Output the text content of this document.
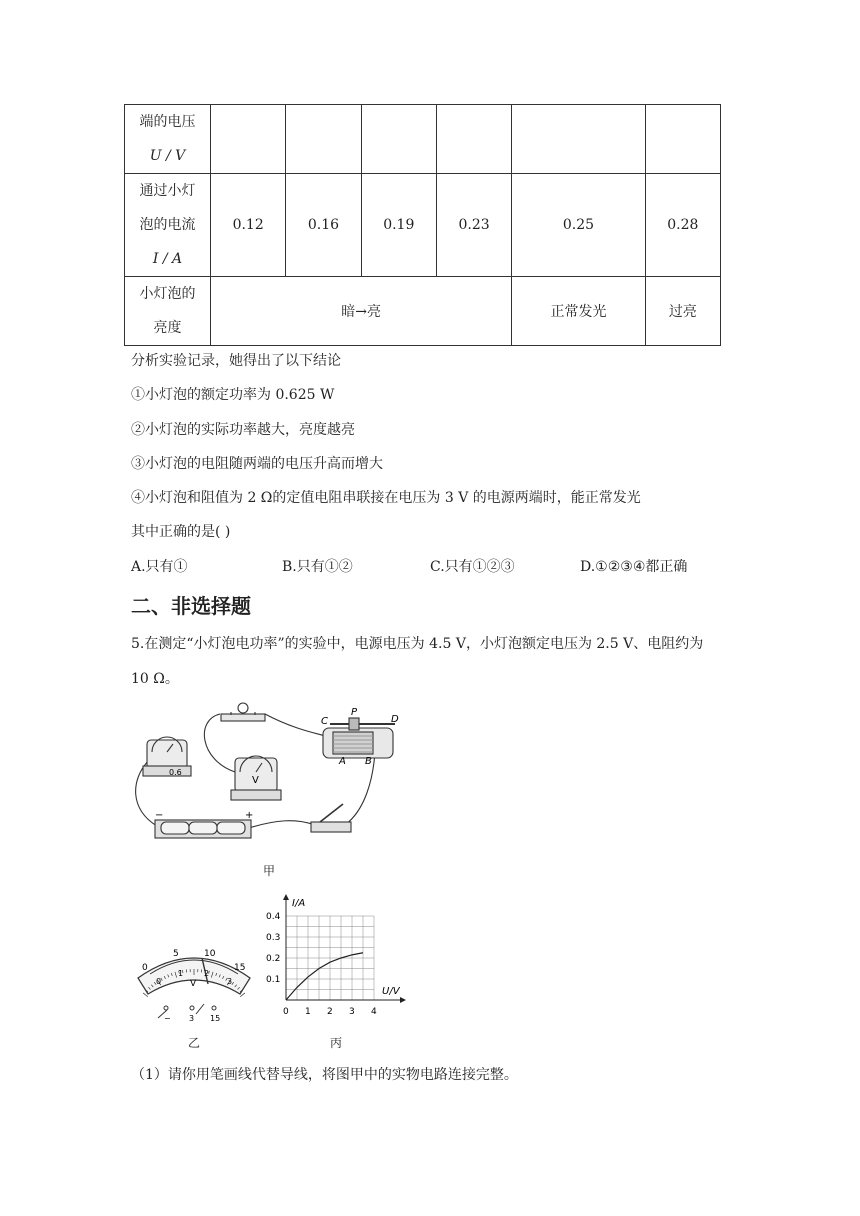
端的电压
U / V						

通过小灯
泡的电流
I / A	0.12	0.16	0.19	0.23	0.25	0.28

小灯泡的
亮度	暗→亮				正常发光	过亮
分析实验记录，她得出了以下结论
①小灯泡的额定功率为 0.625 W
②小灯泡的实际功率越大，亮度越亮
③小灯泡的电阻随两端的电压升高而增大
④小灯泡和阻值为 2 Ω的定值电阻串联接在电压为 3 V 的电源两端时，能正常发光
其中正确的是( )
A.只有①	B.只有①②	C.只有①②③	D.①②③④都正确
二、非选择题
5.在测定“小灯泡电功率”的实验中，电源电压为 4.5 V，小灯泡额定电压为 2.5 V、电阻约为
10 Ω。
C
P
D
A B
0.6
V
−	+
甲
0
5	10
15
0
1	2
3
V
− 3 15
乙
I/A
U/V
0.1
0.2
0.3
0.4
0 1 2 3 4
丙
（1）请你用笔画线代替导线，将图甲中的实物电路连接完整。
